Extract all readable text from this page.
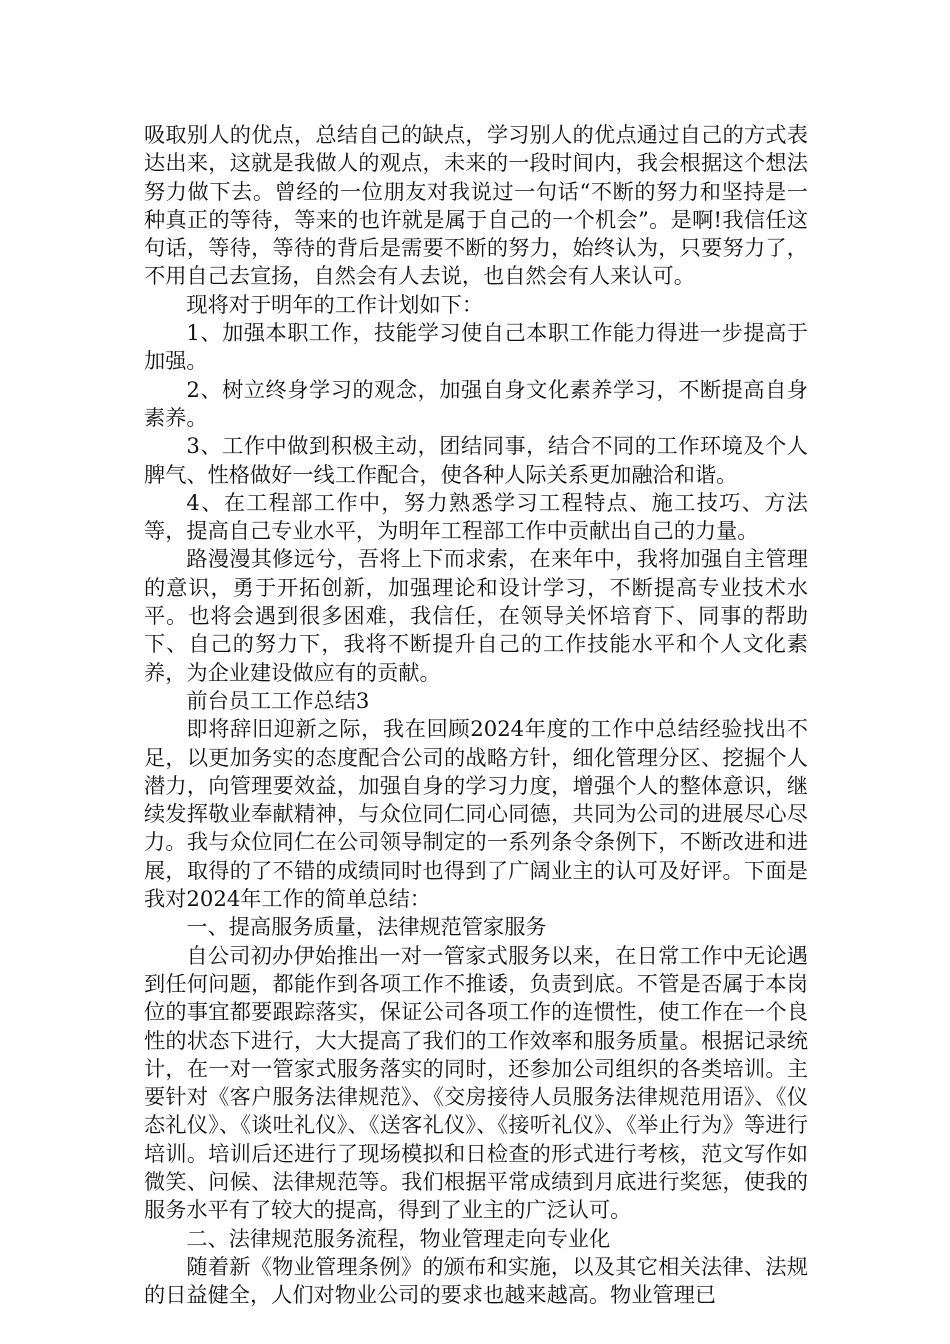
吸取别人的优点，总结自己的缺点，学习别人的优点通过自己的方式表达出来，这就是我做人的观点，未来的一段时间内，我会根据这个想法努力做下去。曾经的一位朋友对我说过一句话“不断的努力和坚持是一种真正的等待，等来的也许就是属于自己的一个机会”。是啊!我信任这句话，等待，等待的背后是需要不断的努力，始终认为，只要努力了，不用自己去宣扬，自然会有人去说，也自然会有人来认可。

现将对于明年的工作计划如下：

1、加强本职工作，技能学习使自己本职工作能力得进一步提高于加强。

2、树立终身学习的观念，加强自身文化素养学习，不断提高自身素养。

3、工作中做到积极主动，团结同事，结合不同的工作环境及个人脾气、性格做好一线工作配合，使各种人际关系更加融洽和谐。

4、在工程部工作中，努力熟悉学习工程特点、施工技巧、方法等，提高自己专业水平，为明年工程部工作中贡献出自己的力量。

路漫漫其修远兮，吾将上下而求索，在来年中，我将加强自主管理的意识，勇于开拓创新，加强理论和设计学习，不断提高专业技术水平。也将会遇到很多困难，我信任，在领导关怀培育下、同事的帮助下、自己的努力下，我将不断提升自己的工作技能水平和个人文化素养，为企业建设做应有的贡献。

前台员工工作总结3

即将辞旧迎新之际，我在回顾2024年度的工作中总结经验找出不足，以更加务实的态度配合公司的战略方针，细化管理分区、挖掘个人潜力，向管理要效益，加强自身的学习力度，增强个人的整体意识，继续发挥敬业奉献精神，与众位同仁同心同德，共同为公司的进展尽心尽力。我与众位同仁在公司领导制定的一系列条令条例下，不断改进和进展，取得的了不错的成绩同时也得到了广阔业主的认可及好评。下面是我对2024年工作的简单总结：

一、提高服务质量，法律规范管家服务

自公司初办伊始推出一对一管家式服务以来，在日常工作中无论遇到任何问题，都能作到各项工作不推诿，负责到底。不管是否属于本岗位的事宜都要跟踪落实，保证公司各项工作的连惯性，使工作在一个良性的状态下进行，大大提高了我们的工作效率和服务质量。根据记录统计，在一对一管家式服务落实的同时，还参加公司组织的各类培训。主要针对《客户服务法律规范》、《交房接待人员服务法律规范用语》、《仪态礼仪》、《谈吐礼仪》、《送客礼仪》、《接听礼仪》、《举止行为》等进行培训。培训后还进行了现场模拟和日检查的形式进行考核，范文写作如微笑、问候、法律规范等。我们根据平常成绩到月底进行奖惩，使我的服务水平有了较大的提高，得到了业主的广泛认可。

二、法律规范服务流程，物业管理走向专业化

随着新《物业管理条例》的颁布和实施，以及其它相关法律、法规的日益健全，人们对物业公司的要求也越来越高。物业管理已
